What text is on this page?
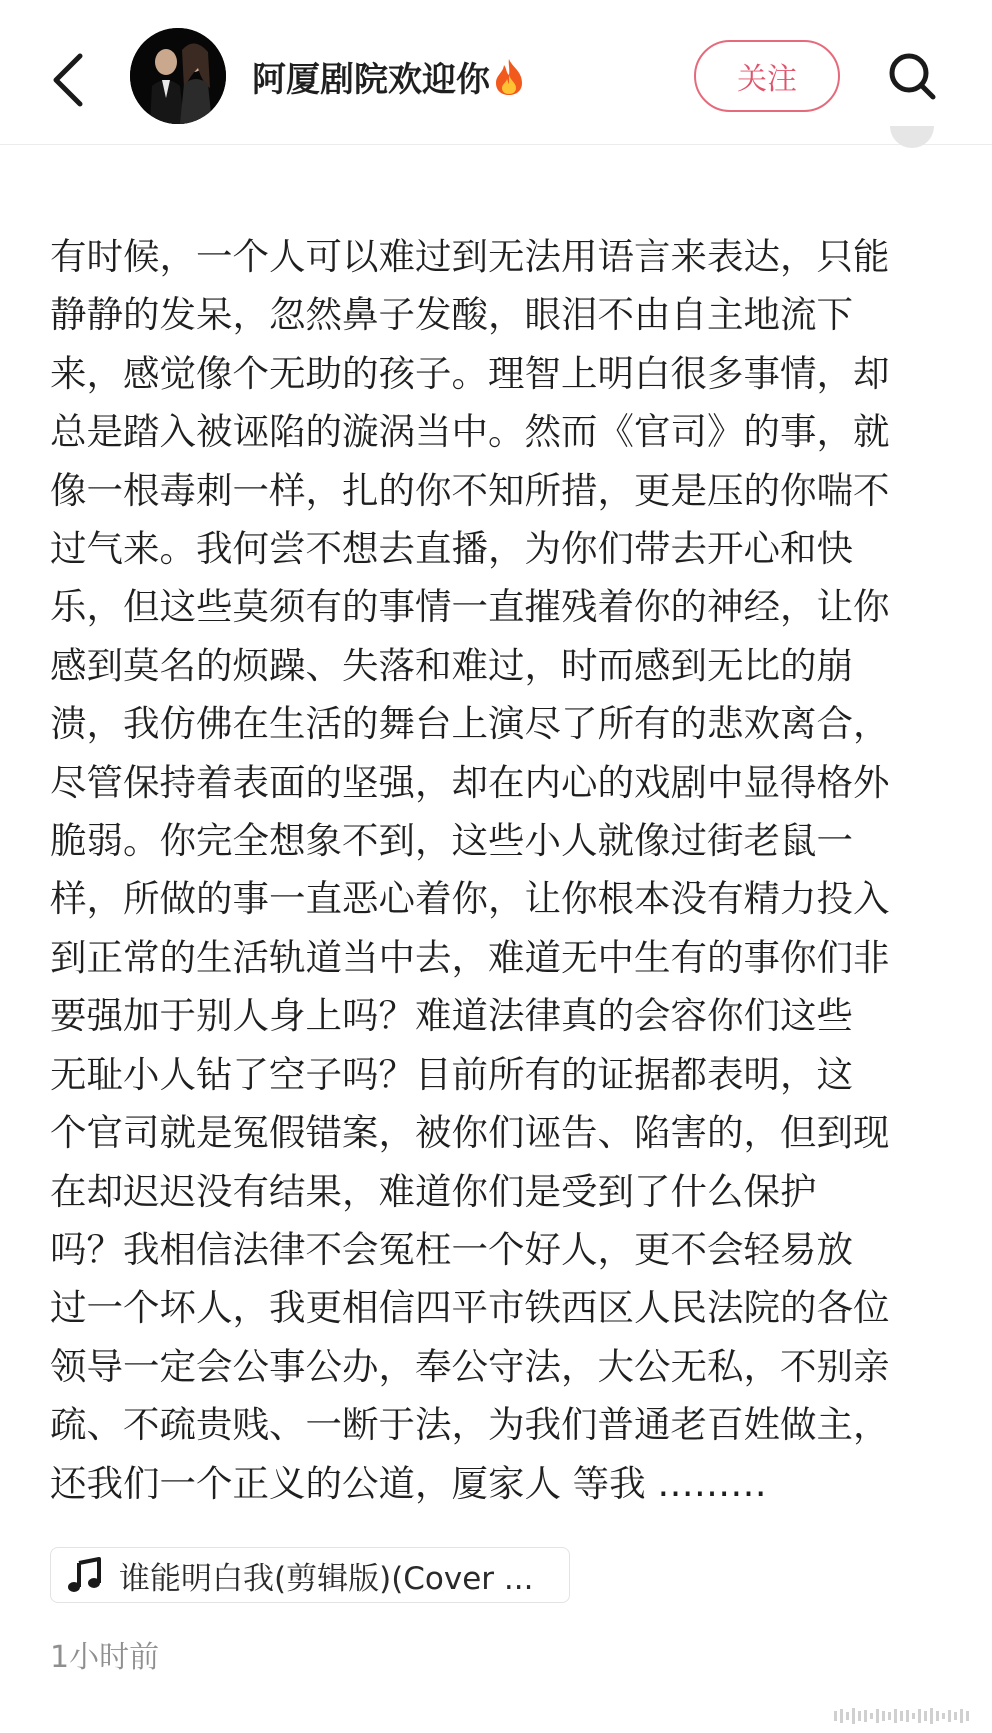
阿厦剧院欢迎你	关注
有时候，一个人可以难过到无法用语言来表达，只能
静静的发呆，忽然鼻子发酸，眼泪不由自主地流下
来，感觉像个无助的孩子。理智上明白很多事情，却
总是踏入被诬陷的漩涡当中。然而《官司》的事，就
像一根毒刺一样，扎的你不知所措，更是压的你喘不
过气来。我何尝不想去直播，为你们带去开心和快
乐，但这些莫须有的事情一直摧残着你的神经，让你
感到莫名的烦躁、失落和难过，时而感到无比的崩
溃，我仿佛在生活的舞台上演尽了所有的悲欢离合，
尽管保持着表面的坚强，却在内心的戏剧中显得格外
脆弱。你完全想象不到，这些小人就像过街老鼠一
样，所做的事一直恶心着你，让你根本没有精力投入
到正常的生活轨道当中去，难道无中生有的事你们非
要强加于别人身上吗？难道法律真的会容你们这些
无耻小人钻了空子吗？目前所有的证据都表明，这
个官司就是冤假错案，被你们诬告、陷害的，但到现
在却迟迟没有结果，难道你们是受到了什么保护
吗？我相信法律不会冤枉一个好人，更不会轻易放
过一个坏人，我更相信四平市铁西区人民法院的各位
领导一定会公事公办，奉公守法，大公无私，不别亲
疏、不疏贵贱、一断于法，为我们普通老百姓做主，
还我们一个正义的公道，厦家人 等我 ………
谁能明白我(剪辑版)(Cover ...
1小时前
